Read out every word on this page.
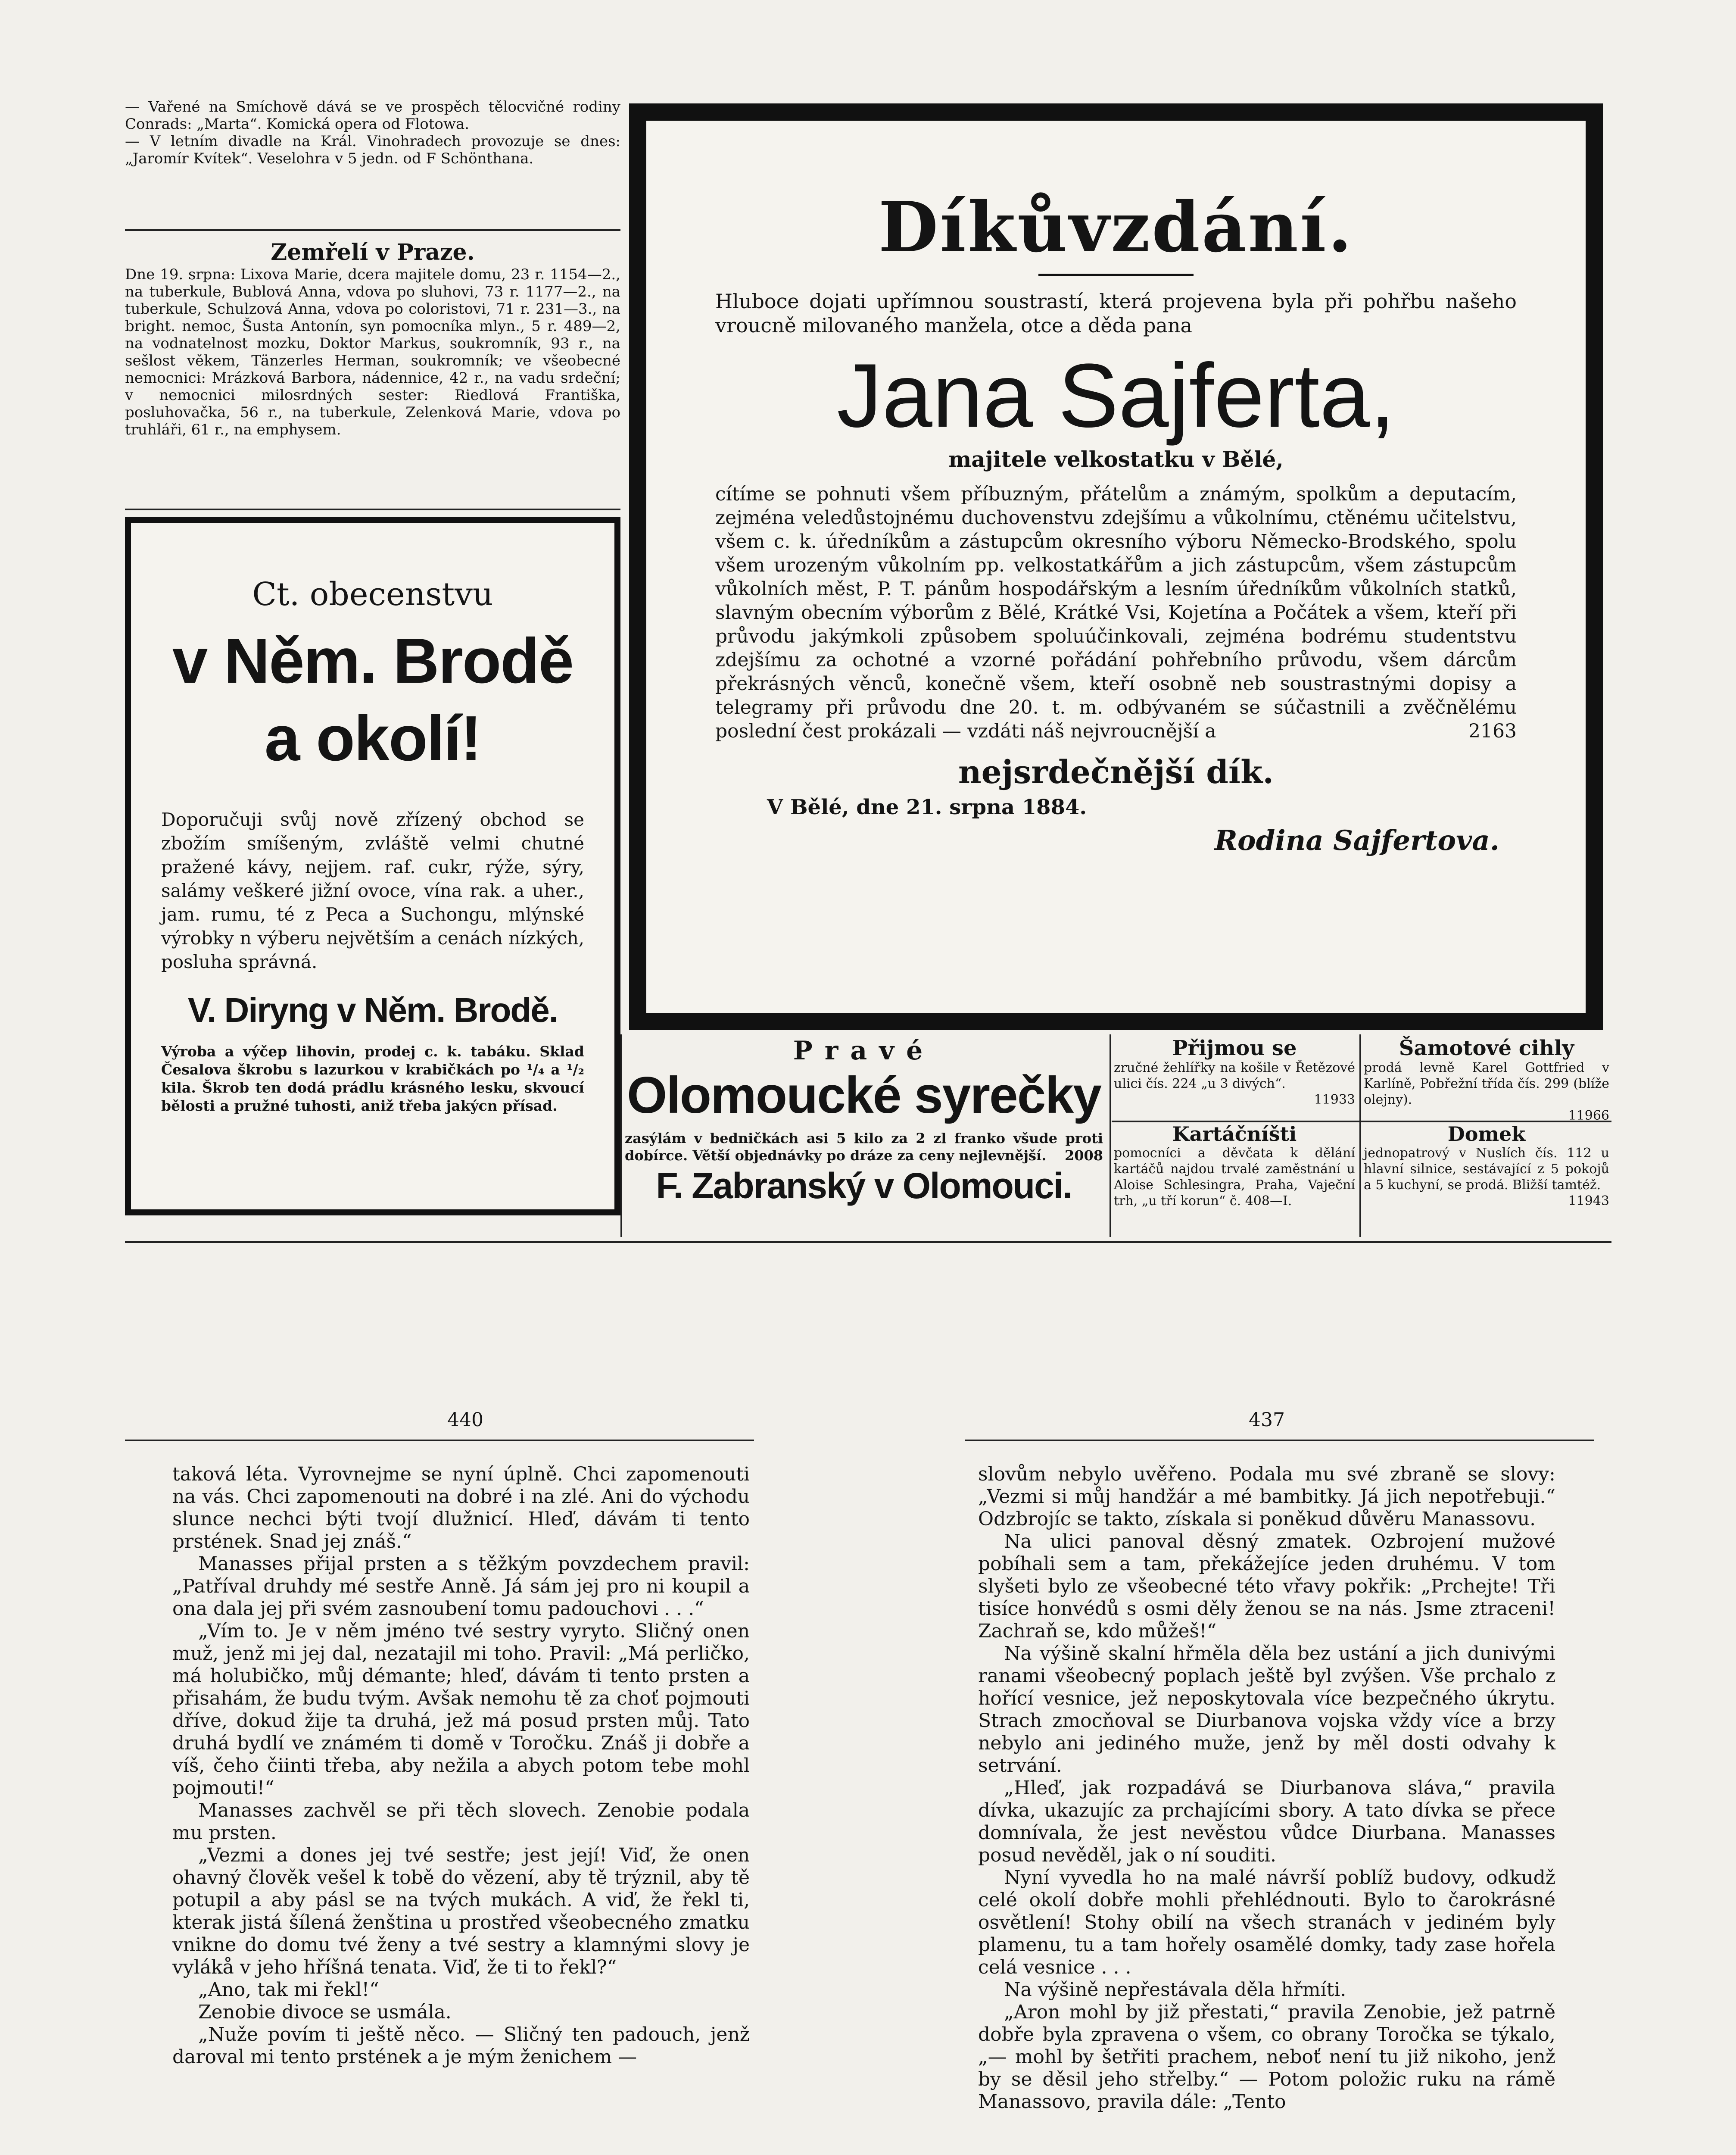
— Vařené na Smíchově dává se ve prospěch tělocvičné rodiny Conrads: „Marta“. Komická opera od Flotowa.

— V letním divadle na Král. Vinohradech provozuje se dnes: „Jaromír Kvítek“. Veselohra v 5 jedn. od F Schönthana.

Zemřelí v Praze.

Dne 19. srpna: Lixova Marie, dcera majitele domu, 23 r. 1154—2., na tuberkule, Bublová Anna, vdova po sluhovi, 73 r. 1177—2., na tuberkule, Schulzová Anna, vdova po coloristovi, 71 r. 231—3., na bright. nemoc, Šusta Antonín, syn pomocníka mlyn., 5 r. 489—2, na vodnatelnost mozku, Doktor Markus, soukromník, 93 r., na sešlost věkem, Tänzerles Herman, soukromník; ve všeobecné nemocnici: Mrázková Barbora, nádennice, 42 r., na vadu srdeční; v nemocnici milosrdných sester: Riedlová Františka, posluhovačka, 56 r., na tuberkule, Zelenková Marie, vdova po truhláři, 61 r., na emphysem.

Ct. obecenstvu
v Něm. Brodě a okolí!

Doporučuji svůj nově zřízený obchod se zbožím smíšeným, zvláště velmi chutné pražené kávy, nejjem. raf. cukr, rýže, sýry, salámy veškeré jižní ovoce, vína rak. a uher., jam. rumu, té z Peca a Suchongu, mlýnské výrobky n výberu největším a cenách nízkých, posluha správná.

V. Diryng v Něm. Brodě.

Výroba a výčep lihovin, prodej c. k. tabáku. Sklad Česalova škrobu s lazurkou v krabičkách po ¹/₄ a ¹/₂ kila. Škrob ten dodá prádlu krásného lesku, skvoucí bělosti a pružné tuhosti, aniž třeba jakýcn přísad.

Díkůvzdání.

Hluboce dojati upřímnou soustrastí, která projevena byla při pohřbu našeho vroucně milovaného manžela, otce a děda pana

Jana Sajferta,
majitele velkostatku v Bělé,

cítíme se pohnuti všem příbuzným, přátelům a známým, spolkům a deputacím, zejména veledůstojnému duchovenstvu zdejšímu a vůkolnímu, ctěnému učitelstvu, všem c. k. úředníkům a zástupcům okresního výboru Německo-Brodského, spolu všem urozeným vůkolním pp. velkostatkářům a jich zástupcům, všem zástupcům vůkolních měst, P. T. pánům hospodářským a lesním úředníkům vůkolních statků, slavným obecním výborům z Bělé, Krátké Vsi, Kojetína a Počátek a všem, kteří při průvodu jakýmkoli způsobem spoluúčinkovali, zejména bodrému studentstvu zdejšímu za ochotné a vzorné pořádání pohřebního průvodu, všem dárcům překrásných věnců, konečně všem, kteří osobně neb soustrastnými dopisy a telegramy při průvodu dne 20. t. m. odbývaném se súčastnili a zvěčnělému poslední čest prokázali — vzdáti náš nejvroucnější a	2163

nejsrdečnější dík.
V Bělé, dne 21. srpna 1884.
Rodina Sajfertova.
Pravé
Olomoucké syrečky

zasýlám v bedničkách asi 5 kilo za 2 zl franko všude proti dobírce. Větší objednávky po dráze za ceny nejlevnější. 2008

F. Zabranský v Olomouci.
Přijmou se

zručné žehlířky na košile v Řetězové ulici čís. 224 „u 3 divých“.

11933
Šamotové cihly

prodá levně Karel Gottfried v Karlíně, Pobřežní třída čís. 299 (blíže olejny).

11966
Kartáčníšti

pomocníci a děvčata k dělání kartáčů najdou trvalé zaměstnání u Aloise Schlesingra, Praha, Vaječní trh, „u tří korun“ č. 408—I.

Domek

jednopatrový v Nuslích čís. 112 u hlavní silnice, sestávající z 5 pokojů a 5 kuchyní, se prodá. Bližší tamtéž.

11943
440	437

taková léta. Vyrovnejme se nyní úplně. Chci zapomenouti na vás. Chci zapomenouti na dobré i na zlé. Ani do východu slunce nechci býti tvojí dlužnicí. Hleď, dávám ti tento prstének. Snad jej znáš.“

Manasses přijal prsten a s těžkým povzdechem pravil: „Patříval druhdy mé sestře Anně. Já sám jej pro ni koupil a ona dala jej při svém zasnoubení tomu padouchovi . . .“

„Vím to. Je v něm jméno tvé sestry vyryto. Sličný onen muž, jenž mi jej dal, nezatajil mi toho. Pravil: „Má perličko, má holubičko, můj démante; hleď, dávám ti tento prsten a přisahám, že budu tvým. Avšak nemohu tě za choť pojmouti dříve, dokud žije ta druhá, jež má posud prsten můj. Tato druhá bydlí ve známém ti domě v Toročku. Znáš ji dobře a víš, čeho čiinti třeba, aby nežila a abych potom tebe mohl pojmouti!“

Manasses zachvěl se při těch slovech. Zenobie podala mu prsten.

„Vezmi a dones jej tvé sestře; jest její! Viď, že onen ohavný člověk vešel k tobě do vězení, aby tě trýznil, aby tě potupil a aby pásl se na tvých mukách. A viď, že řekl ti, kterak jistá šílená ženština u prostřed všeobecného zmatku vnikne do domu tvé ženy a tvé sestry a klamnými slovy je vylákå v jeho hříšná tenata. Viď, že ti to řekl?“

„Ano, tak mi řekl!“

Zenobie divoce se usmála.

„Nuže povím ti ještě něco. — Sličný ten padouch, jenž daroval mi tento prstének a je mým ženichem —

slovům nebylo uvěřeno. Podala mu své zbraně se slovy: „Vezmi si můj handžár a mé bambitky. Já jich nepotřebuji.“ Odzbrojíc se takto, získala si poněkud důvěru Manassovu.

Na ulici panoval děsný zmatek. Ozbrojení mužové pobíhali sem a tam, překážejíce jeden druhému. V tom slyšeti bylo ze všeobecné této vřavy pokřik: „Prchejte! Tři tisíce honvédů s osmi děly ženou se na nás. Jsme ztraceni! Zachraň se, kdo můžeš!“

Na výšině skalní hřměla děla bez ustání a jich dunivými ranami všeobecný poplach ještě byl zvýšen. Vše prchalo z hořící vesnice, jež neposkytovala více bezpečného úkrytu. Strach zmocňoval se Diurbanova vojska vždy více a brzy nebylo ani jediného muže, jenž by měl dosti odvahy k setrvání.

„Hleď, jak rozpadává se Diurbanova sláva,“ pravila dívka, ukazujíc za prchajícími sbory. A tato dívka se přece domnívala, že jest nevěstou vůdce Diurbana. Manasses posud nevěděl, jak o ní souditi.

Nyní vyvedla ho na malé návrší poblíž budovy, odkudž celé okolí dobře mohli přehlédnouti. Bylo to čarokrásné osvětlení! Stohy obilí na všech stranách v jediném byly plamenu, tu a tam hořely osamělé domky, tady zase hořela celá vesnice . . .

Na výšině nepřestávala děla hřmíti.

„Aron mohl by již přestati,“ pravila Zenobie, jež patrně dobře byla zpravena o všem, co obrany Toročka se týkalo, „— mohl by šetřiti prachem, neboť není tu již nikoho, jenž by se děsil jeho střelby.“ — Potom položic ruku na rámě Manassovo, pravila dále: „Tento
